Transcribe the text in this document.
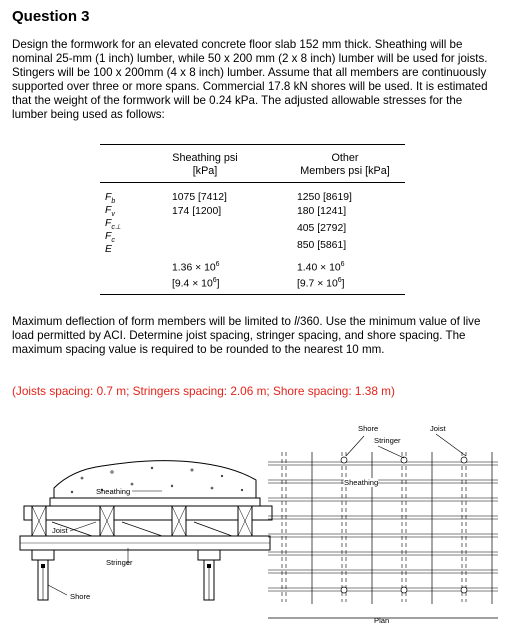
Question 3
Design the formwork for an elevated concrete floor slab 152 mm thick. Sheathing will be nominal 25-mm (1 inch) lumber, while 50 x 200 mm (2 x 8 inch) lumber will be used for joists. Stingers will be 100 x 200mm (4 x 8 inch) lumber. Assume that all members are continuously supported over three or more spans. Commercial 17.8 kN shores will be used. It is estimated that the weight of the formwork will be 0.24 kPa. The adjusted allowable stresses for the lumber being used as follows:
Sheathing psi
[kPa]
Other
Members psi [kPa]
$F_b$
$F_v$
$F_{c\perp}$
$F_c$
E
1075 [7412]
174 [1200]
$1.36 \times 10^6$
$[9.4 \times 10^6]$
1250 [8619]
180 [1241]
405 [2792]
850 [5861]
$1.40 \times 10^6$
$[9.7 \times 10^6]$
Maximum deflection of form members will be limited to l/360. Use the minimum value of live load permitted by ACI. Determine joist spacing, stringer spacing, and shore spacing. The maximum spacing value is required to be rounded to the nearest 10 mm.
(Joists spacing: 0.7 m; Stringers spacing: 2.06 m; Shore spacing: 1.38 m)
Sheathing
Joist
Stringer
Shore
Shore
Stringer
Joist
Sheathing
Plan
